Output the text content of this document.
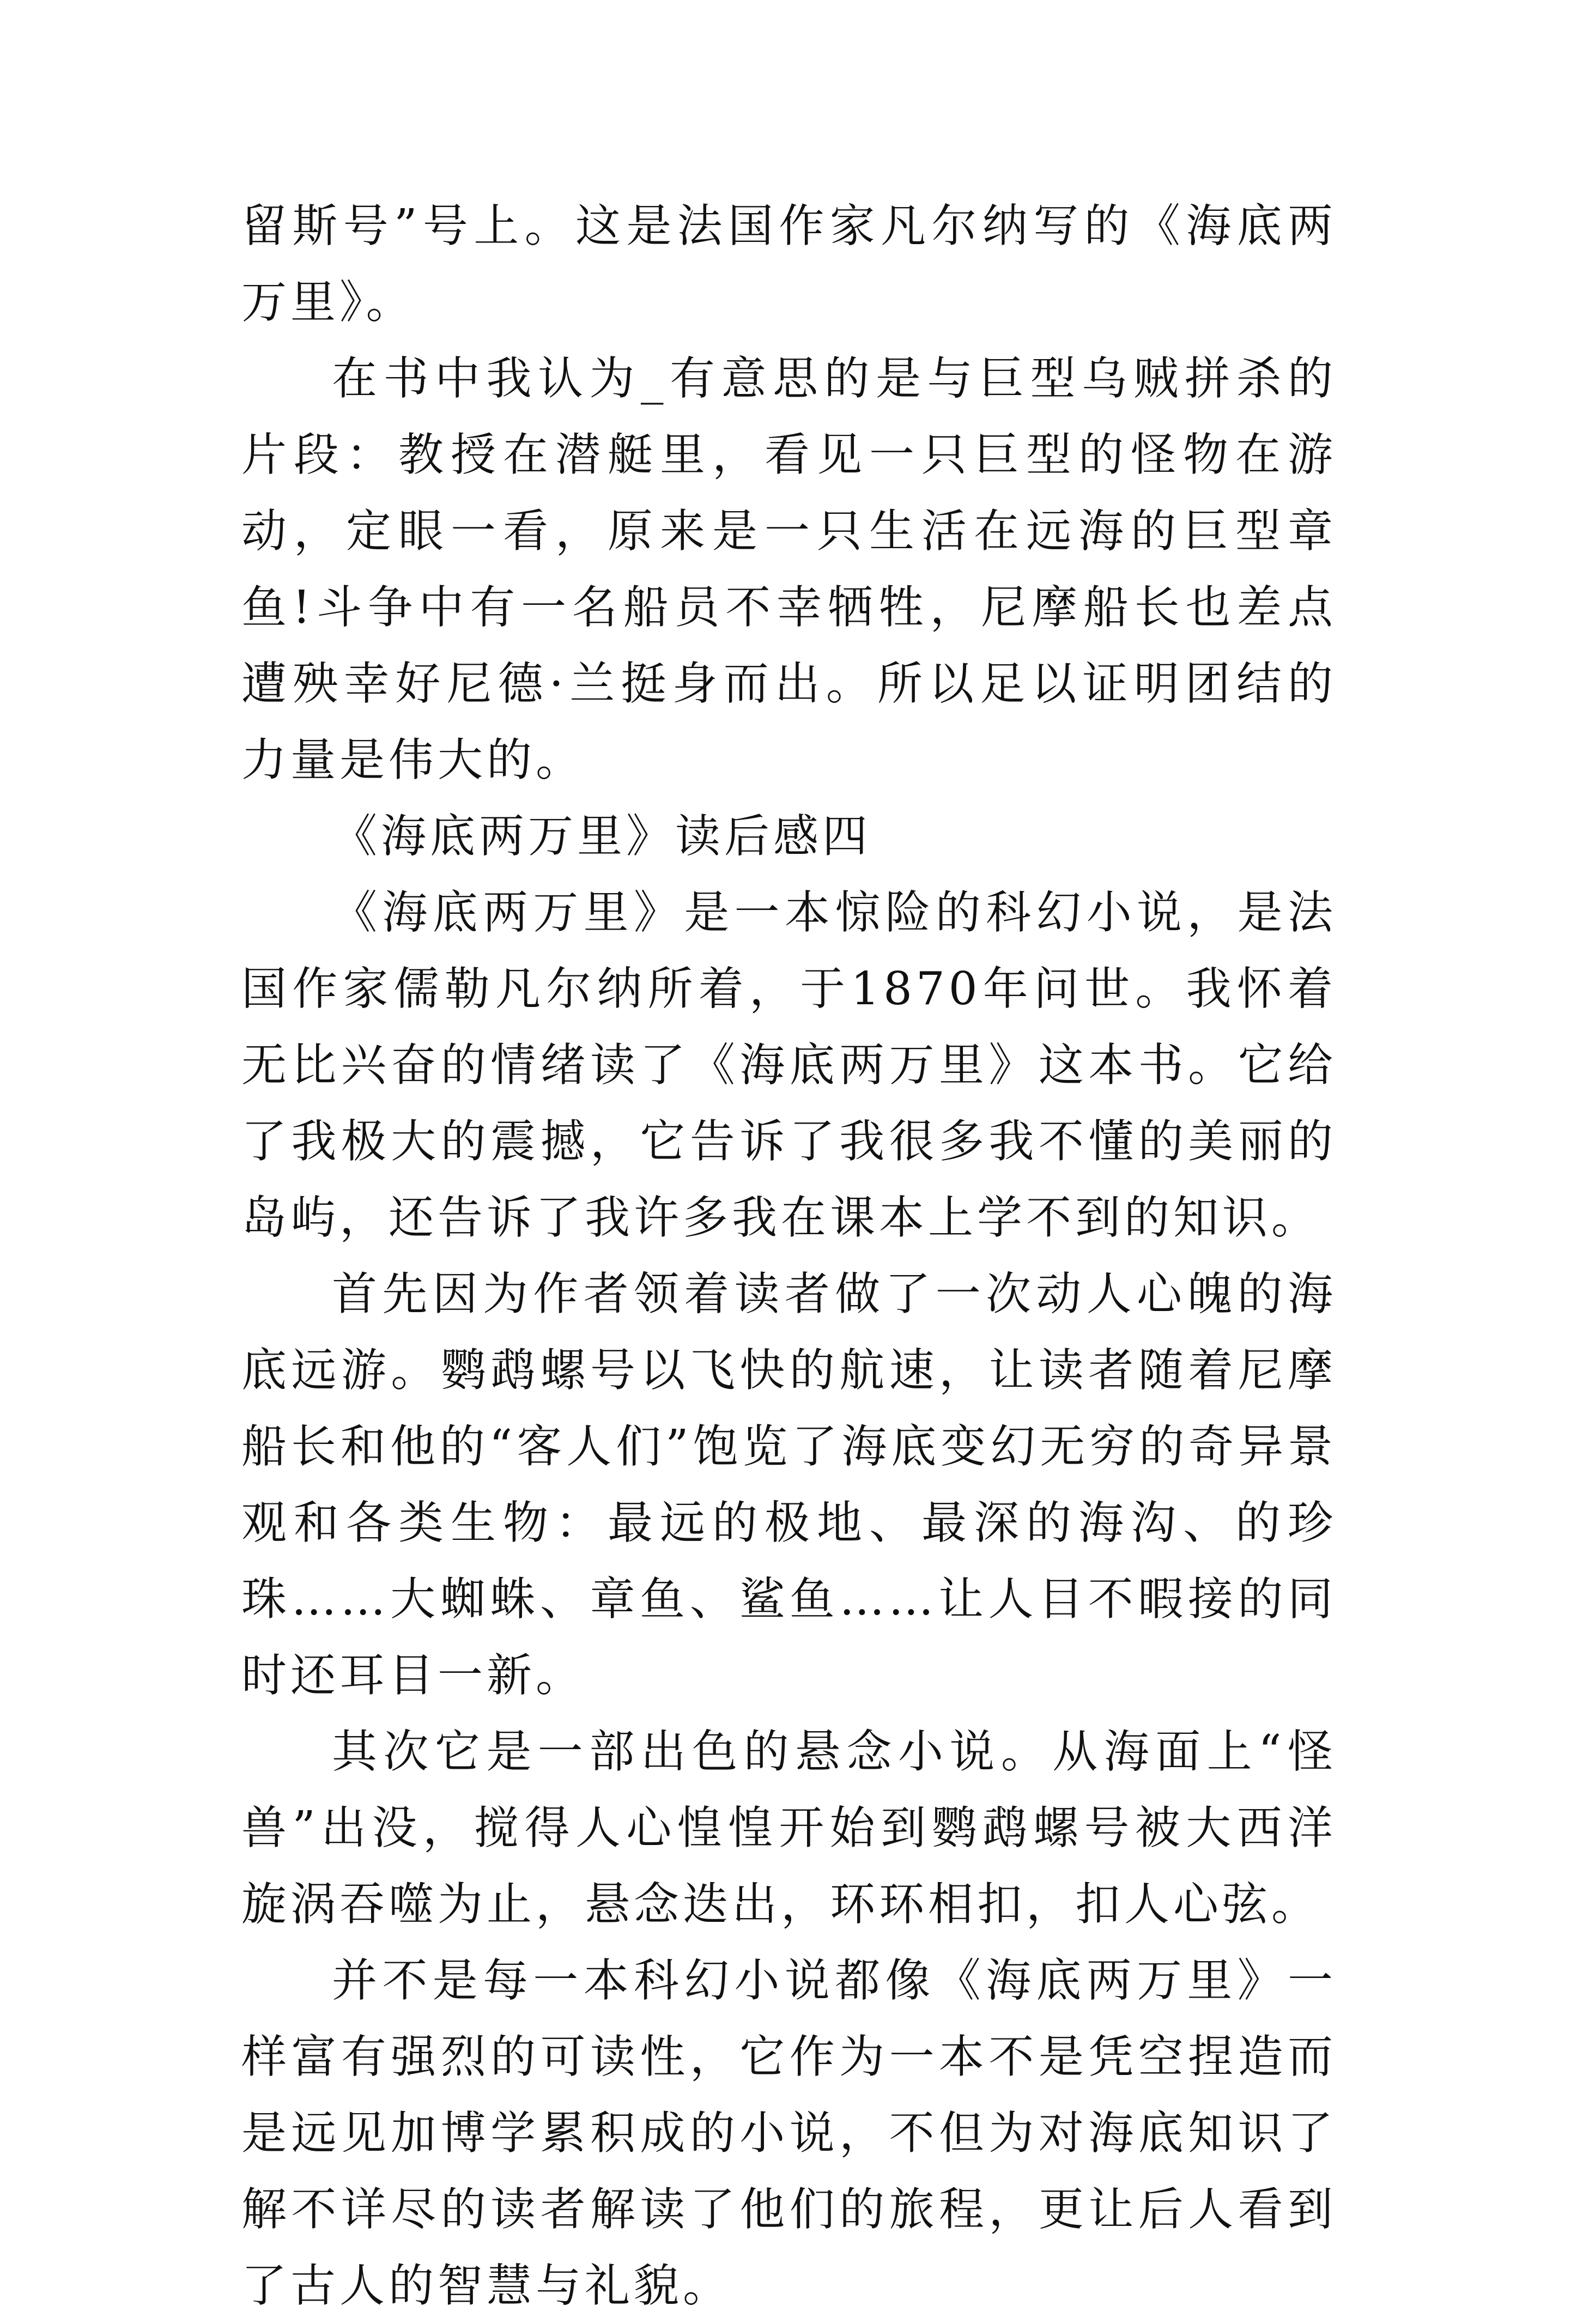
留斯号”号上。这是法国作家凡尔纳写的《海底两万里》。

在书中我认为_有意思的是与巨型乌贼拼杀的片段：教授在潜艇里，看见一只巨型的怪物在游动，定眼一看，原来是一只生活在远海的巨型章鱼!斗争中有一名船员不幸牺牲，尼摩船长也差点遭殃幸好尼德·兰挺身而出。所以足以证明团结的力量是伟大的。

《海底两万里》读后感四

《海底两万里》是一本惊险的科幻小说，是法国作家儒勒凡尔纳所着，于1870年问世。我怀着无比兴奋的情绪读了《海底两万里》这本书。它给了我极大的震撼，它告诉了我很多我不懂的美丽的岛屿，还告诉了我许多我在课本上学不到的知识。

首先因为作者领着读者做了一次动人心魄的海底远游。鹦鹉螺号以飞快的航速，让读者随着尼摩船长和他的“客人们”饱览了海底变幻无穷的奇异景观和各类生物：最远的极地、最深的海沟、的珍珠……大蜘蛛、章鱼、鲨鱼……让人目不暇接的同时还耳目一新。

其次它是一部出色的悬念小说。从海面上“怪兽”出没，搅得人心惶惶开始到鹦鹉螺号被大西洋旋涡吞噬为止，悬念迭出，环环相扣，扣人心弦。

并不是每一本科幻小说都像《海底两万里》一样富有强烈的可读性，它作为一本不是凭空捏造而是远见加博学累积成的小说，不但为对海底知识了解不详尽的读者解读了他们的旅程，更让后人看到了古人的智慧与礼貌。
